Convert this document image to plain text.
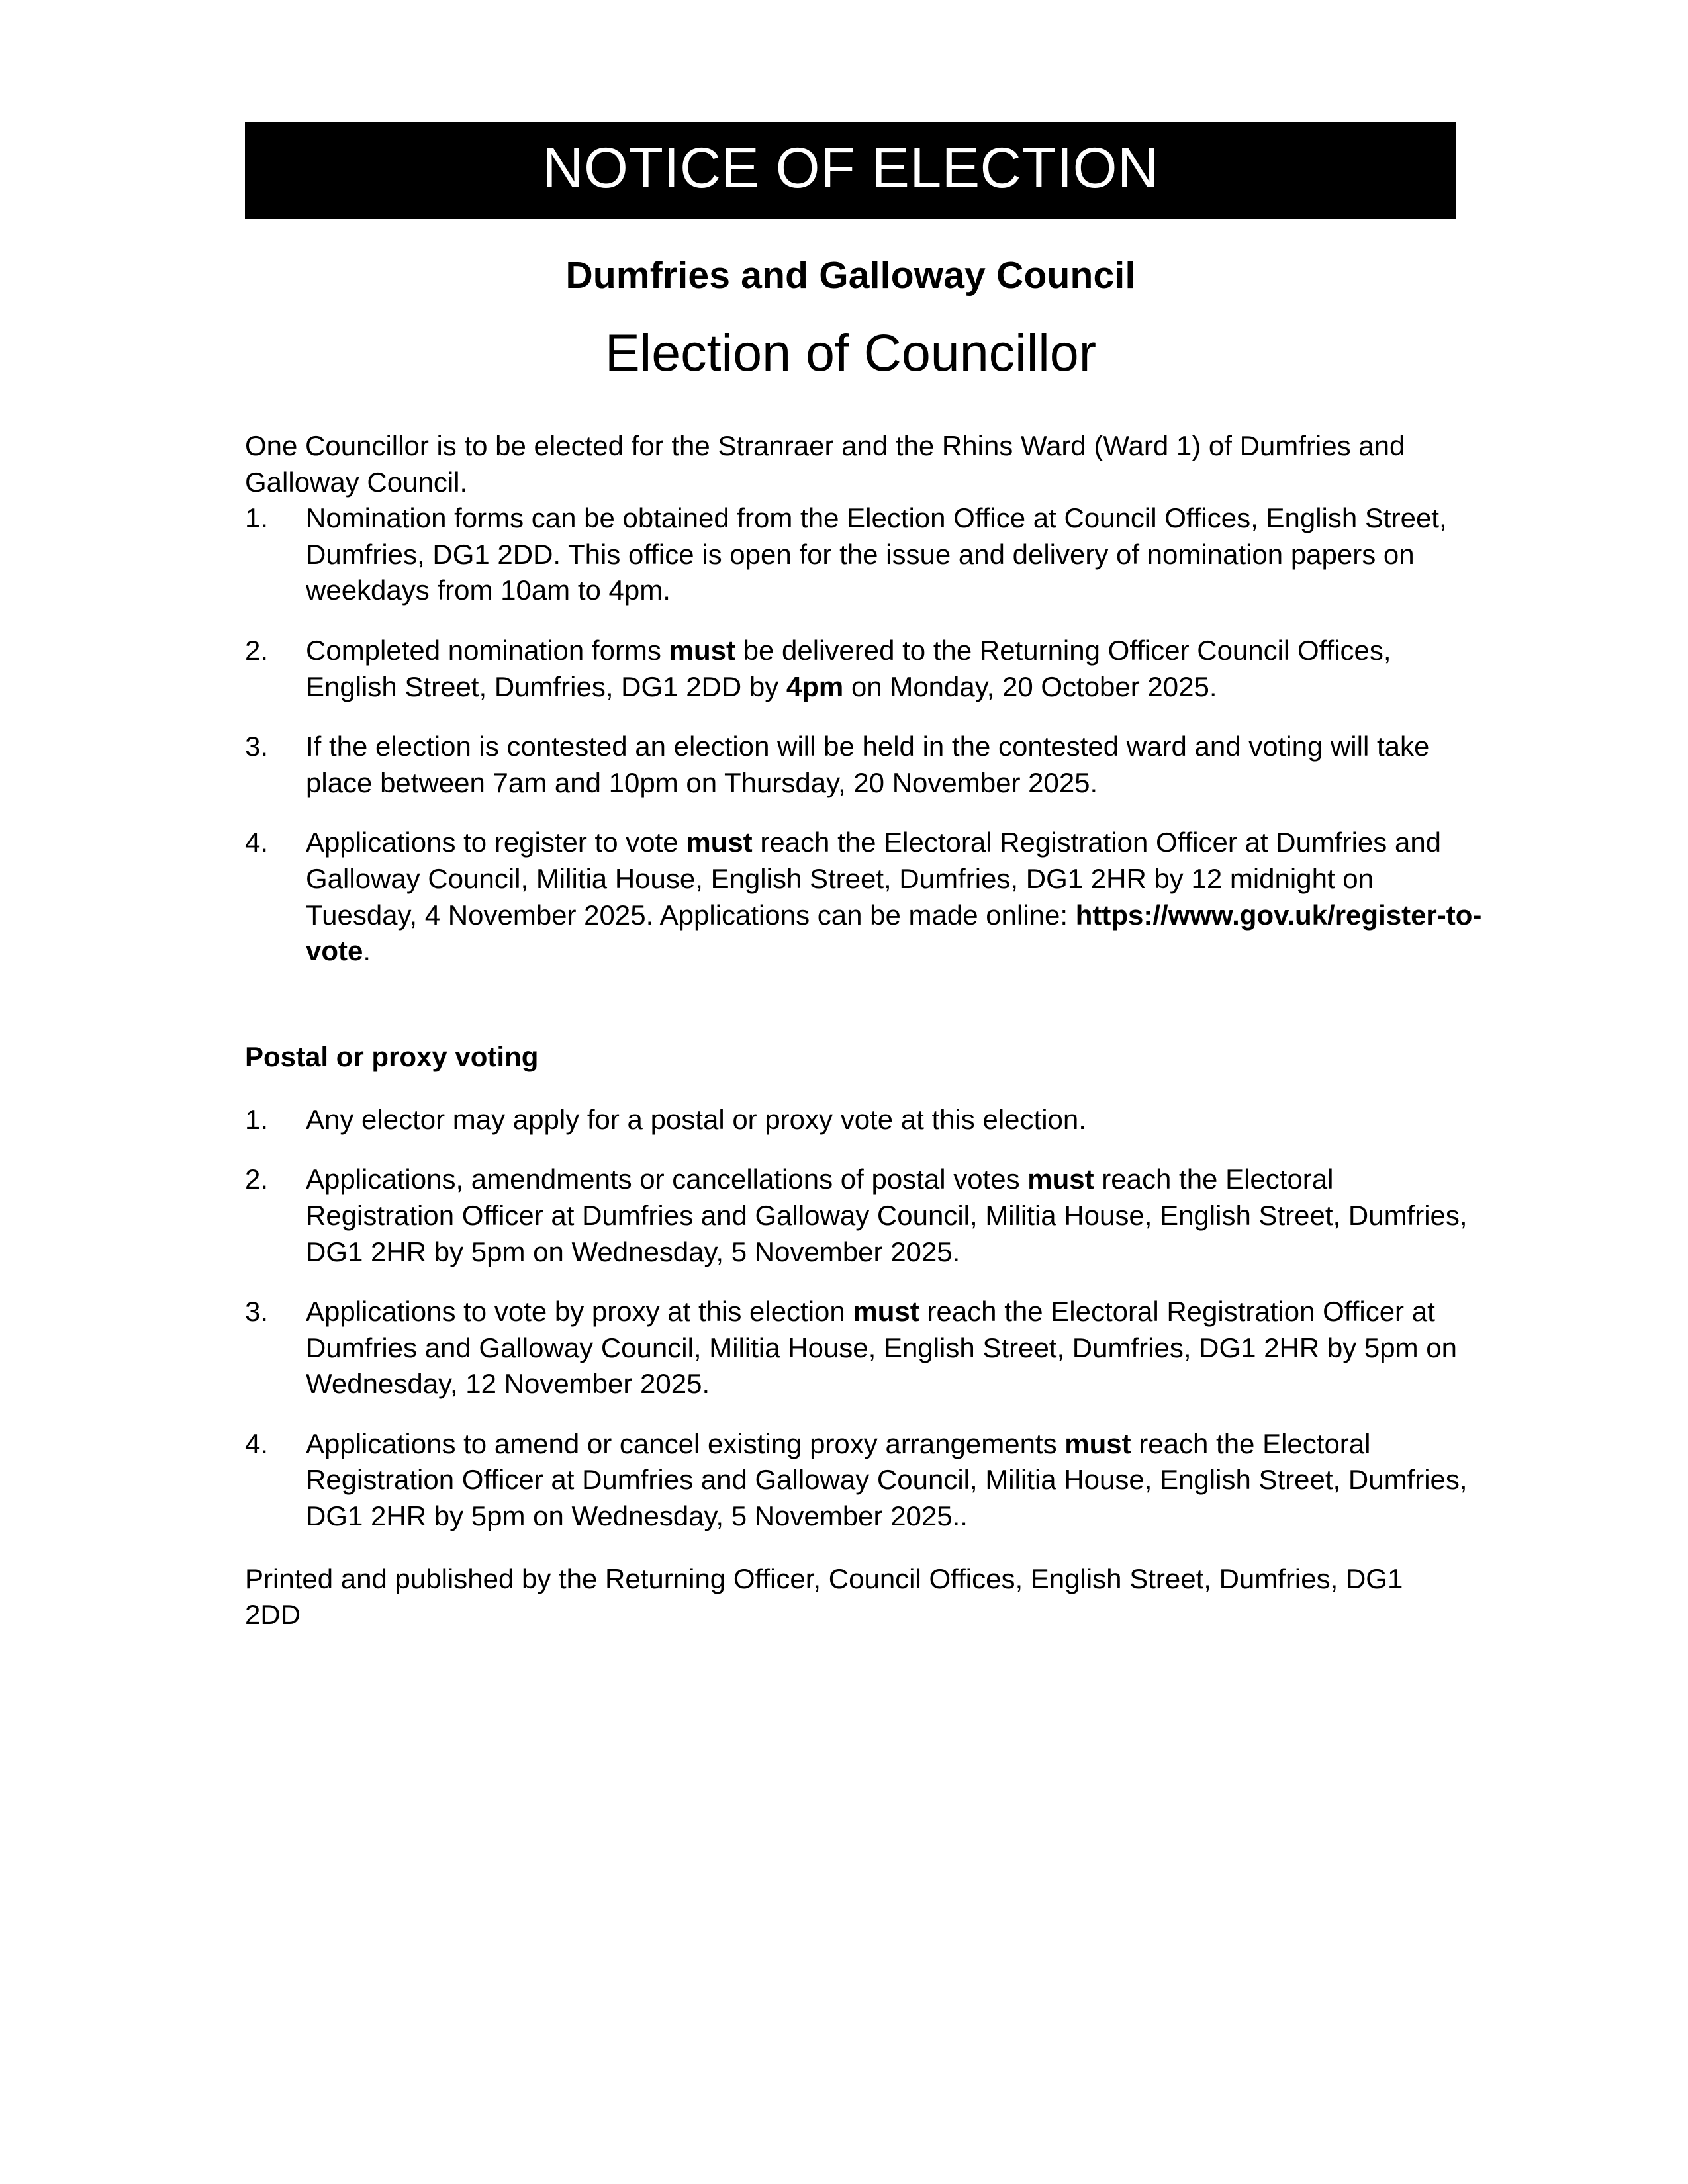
NOTICE OF ELECTION
Dumfries and Galloway Council
Election of Councillor
One Councillor is to be elected for the Stranraer and the Rhins Ward (Ward 1) of Dumfries and Galloway Council.
1.	Nomination forms can be obtained from the Election Office at Council Offices, English Street, Dumfries, DG1 2DD. This office is open for the issue and delivery of nomination papers on weekdays from 10am to 4pm.
2.	Completed nomination forms must be delivered to the Returning Officer Council Offices, English Street, Dumfries, DG1 2DD by 4pm on Monday, 20 October 2025.
3.	If the election is contested an election will be held in the contested ward and voting will take place between 7am and 10pm on Thursday, 20 November 2025.
4.	Applications to register to vote must reach the Electoral Registration Officer at Dumfries and Galloway Council, Militia House, English Street, Dumfries, DG1 2HR by 12 midnight on Tuesday, 4 November 2025. Applications can be made online: https://www.gov.uk/register-to-vote.
Postal or proxy voting
1.	Any elector may apply for a postal or proxy vote at this election.
2.	Applications, amendments or cancellations of postal votes must reach the Electoral Registration Officer at Dumfries and Galloway Council, Militia House, English Street, Dumfries, DG1 2HR by 5pm on Wednesday, 5 November 2025.
3.	Applications to vote by proxy at this election must reach the Electoral Registration Officer at Dumfries and Galloway Council, Militia House, English Street, Dumfries, DG1 2HR by 5pm on Wednesday, 12 November 2025.
4.	Applications to amend or cancel existing proxy arrangements must reach the Electoral Registration Officer at Dumfries and Galloway Council, Militia House, English Street, Dumfries, DG1 2HR by 5pm on Wednesday, 5 November 2025..
Printed and published by the Returning Officer, Council Offices, English Street, Dumfries, DG1 2DD
